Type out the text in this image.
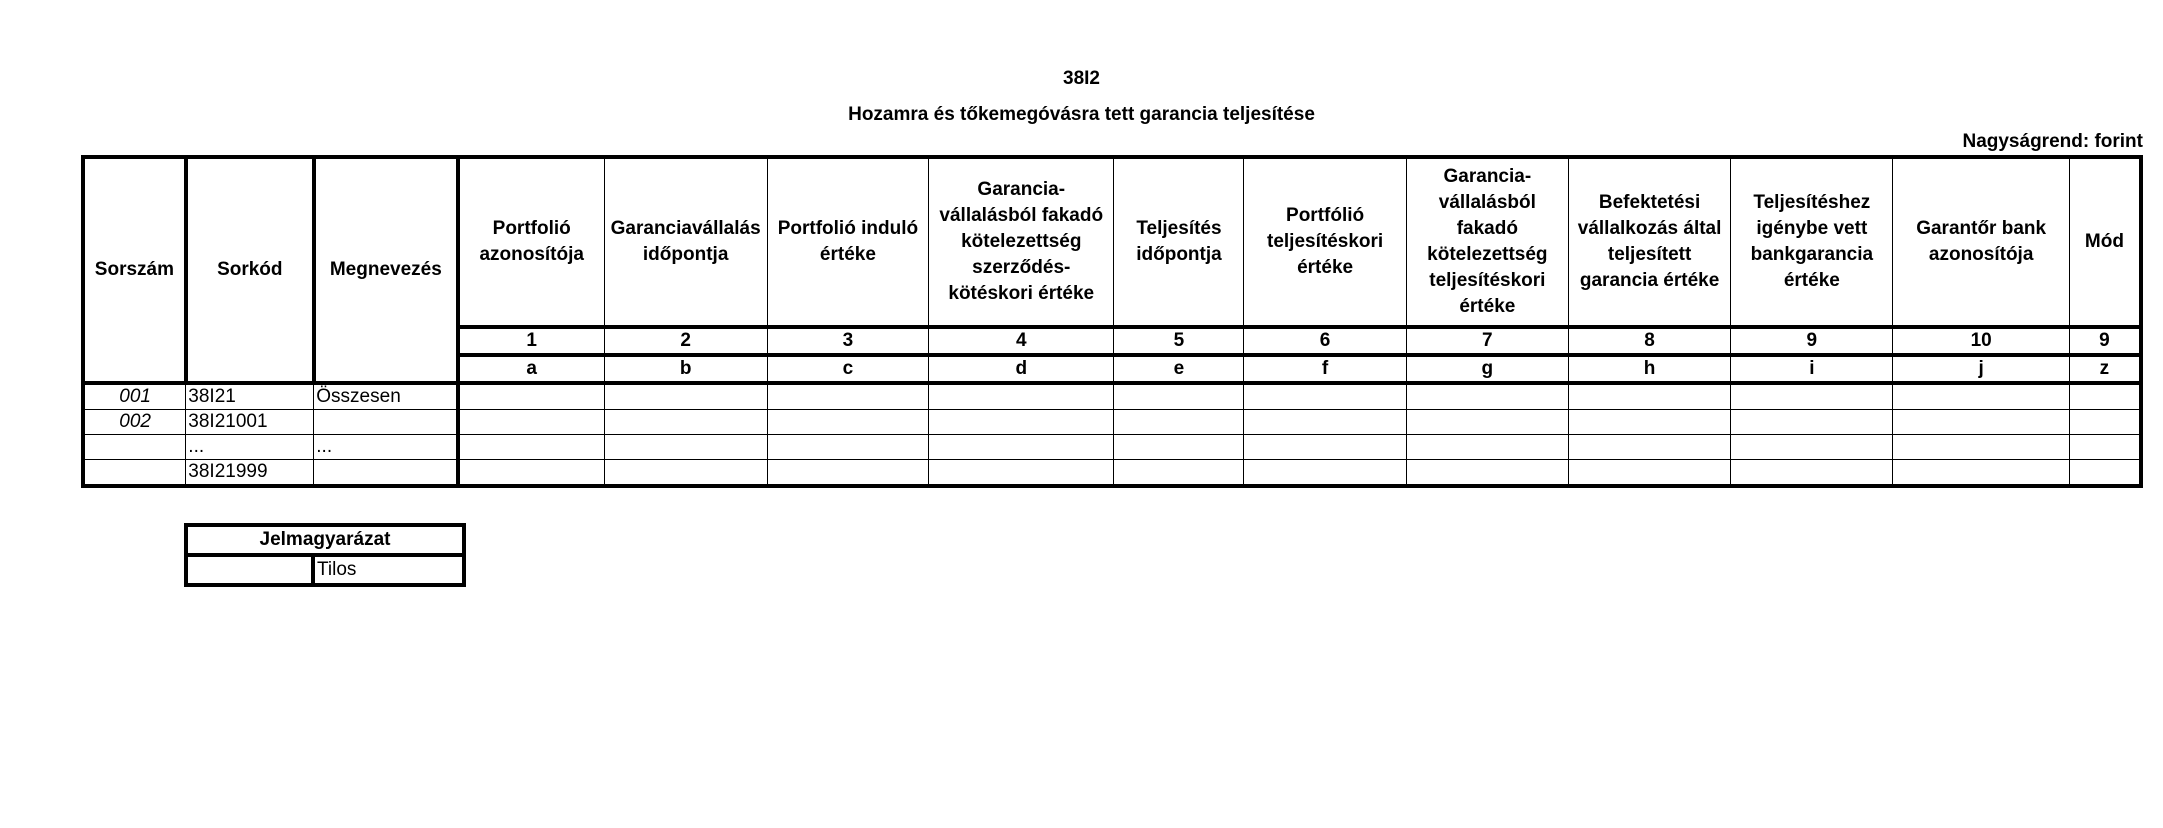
38I2
Hozamra és tőkemegóvásra tett garancia teljesítése
Nagyságrend: forint
Sorszám	Sorkód	Megnevezés	Portfolió azonosítója	Garanciavállalás időpontja	Portfolió induló értéke	Garancia-vállalásból fakadó kötelezettség szerződés-kötéskori értéke	Teljesítés időpontja	Portfólió teljesítéskori értéke	Garancia-vállalásból fakadó kötelezettség teljesítéskori értéke	Befektetési vállalkozás által teljesített garancia értéke	Teljesítéshez igénybe vett bankgarancia értéke	Garantőr bank azonosítója	Mód
			1	2	3	4	5	6	7	8	9	10	9
			a	b	c	d	e	f	g	h	i	j	z
001	38I21	Összesen											
002	38I21001												
	...	...											
	38I21999												
Jelmagyarázat
	Tilos
